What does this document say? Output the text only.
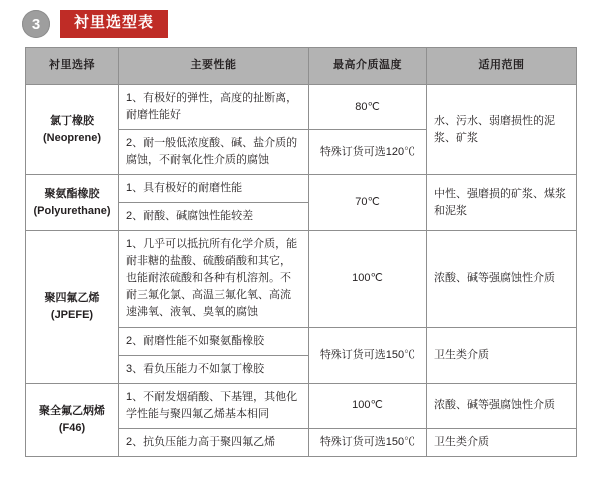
3	衬里选型表
衬里选择	主要性能	最高介质温度	适用范围

氯丁橡胶
(Neoprene)	1、有极好的弹性，高度的扯断离，耐磨性能好	80℃	水、污水、弱磨损性的泥浆、矿浆
	2、耐一般低浓度酸、碱、盐介质的腐蚀，不耐氧化性介质的腐蚀	特殊订货可选120℃	

聚氨酯橡胶
(Polyurethane)	1、具有极好的耐磨性能	70℃	中性、强磨损的矿浆、煤浆和泥浆
	2、耐酸、碱腐蚀性能较差		

聚四氟乙烯
(JPEFE)	1、几乎可以抵抗所有化学介质，能耐非糖的盐酸、硫酸硝酸和其它，也能耐浓硫酸和各种有机溶剂。不耐三氟化氯、高温三氟化氧、高流速沸氧、液氧、臭氧的腐蚀	100℃	浓酸、碱等强腐蚀性介质
	2、耐磨性能不如聚氨酯橡胶	特殊订货可选150℃	卫生类介质
	3、看负压能力不如氯丁橡胶		

聚全氟乙炳烯
(F46)	1、不耐发烟硝酸、下基锂，其他化学性能与聚四氟乙烯基本相同	100℃	浓酸、碱等强腐蚀性介质
	2、抗负压能力高于聚四氟乙烯	特殊订货可选150℃	卫生类介质
